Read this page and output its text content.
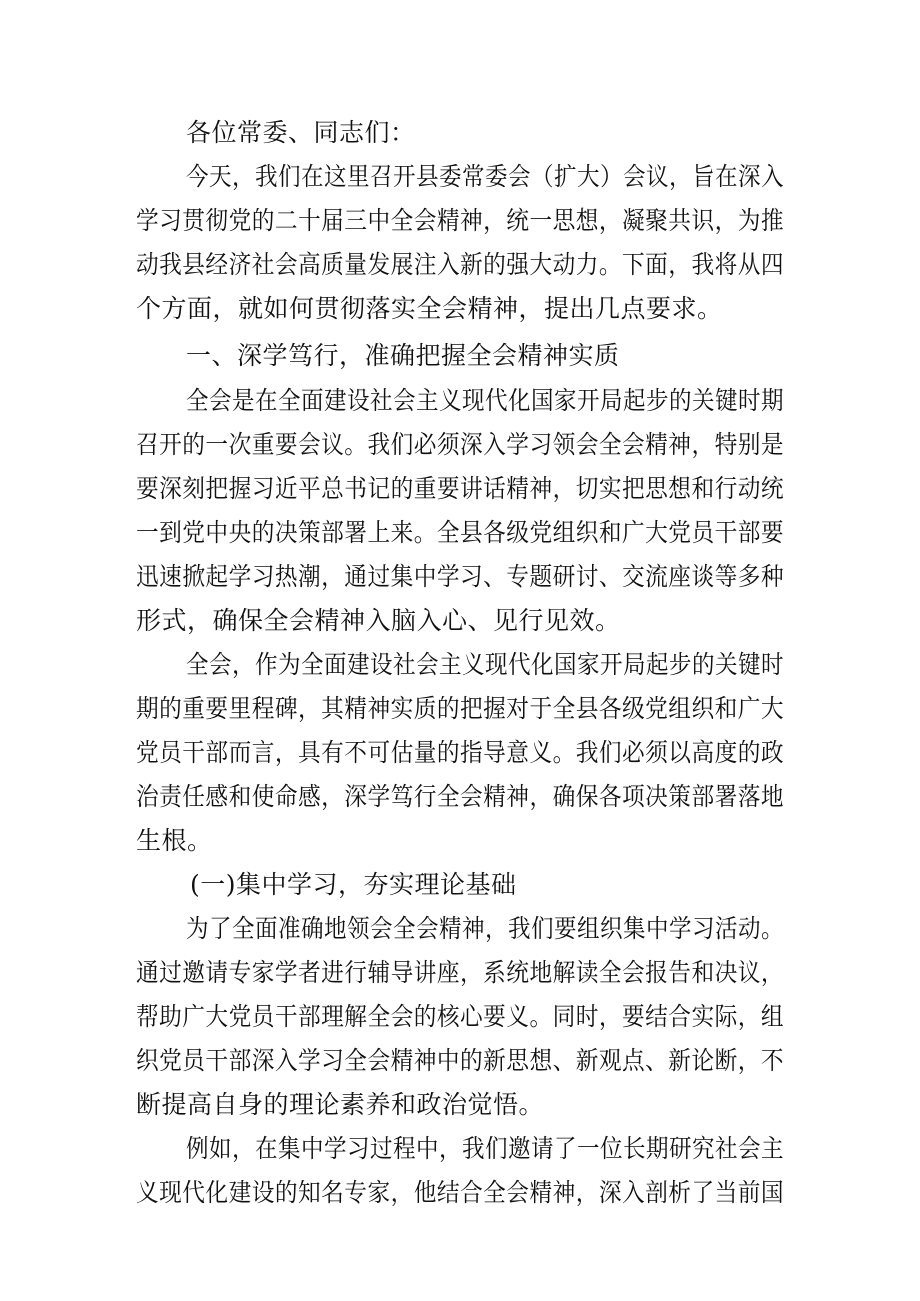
各位常委、同志们：
今天，我们在这里召开县委常委会（扩大）会议，旨在深入
学习贯彻党的二十届三中全会精神，统一思想，凝聚共识，为推
动我县经济社会高质量发展注入新的强大动力。下面，我将从四
个方面，就如何贯彻落实全会精神，提出几点要求。
一、深学笃行，准确把握全会精神实质
全会是在全面建设社会主义现代化国家开局起步的关键时期
召开的一次重要会议。我们必须深入学习领会全会精神，特别是
要深刻把握习近平总书记的重要讲话精神，切实把思想和行动统
一到党中央的决策部署上来。全县各级党组织和广大党员干部要
迅速掀起学习热潮，通过集中学习、专题研讨、交流座谈等多种
形式，确保全会精神入脑入心、见行见效。
全会，作为全面建设社会主义现代化国家开局起步的关键时
期的重要里程碑，其精神实质的把握对于全县各级党组织和广大
党员干部而言，具有不可估量的指导意义。我们必须以高度的政
治责任感和使命感，深学笃行全会精神，确保各项决策部署落地
生根。
(一)集中学习，夯实理论基础
为了全面准确地领会全会精神，我们要组织集中学习活动。
通过邀请专家学者进行辅导讲座，系统地解读全会报告和决议，
帮助广大党员干部理解全会的核心要义。同时，要结合实际，组
织党员干部深入学习全会精神中的新思想、新观点、新论断，不
断提高自身的理论素养和政治觉悟。
例如，在集中学习过程中，我们邀请了一位长期研究社会主
义现代化建设的知名专家，他结合全会精神，深入剖析了当前国
